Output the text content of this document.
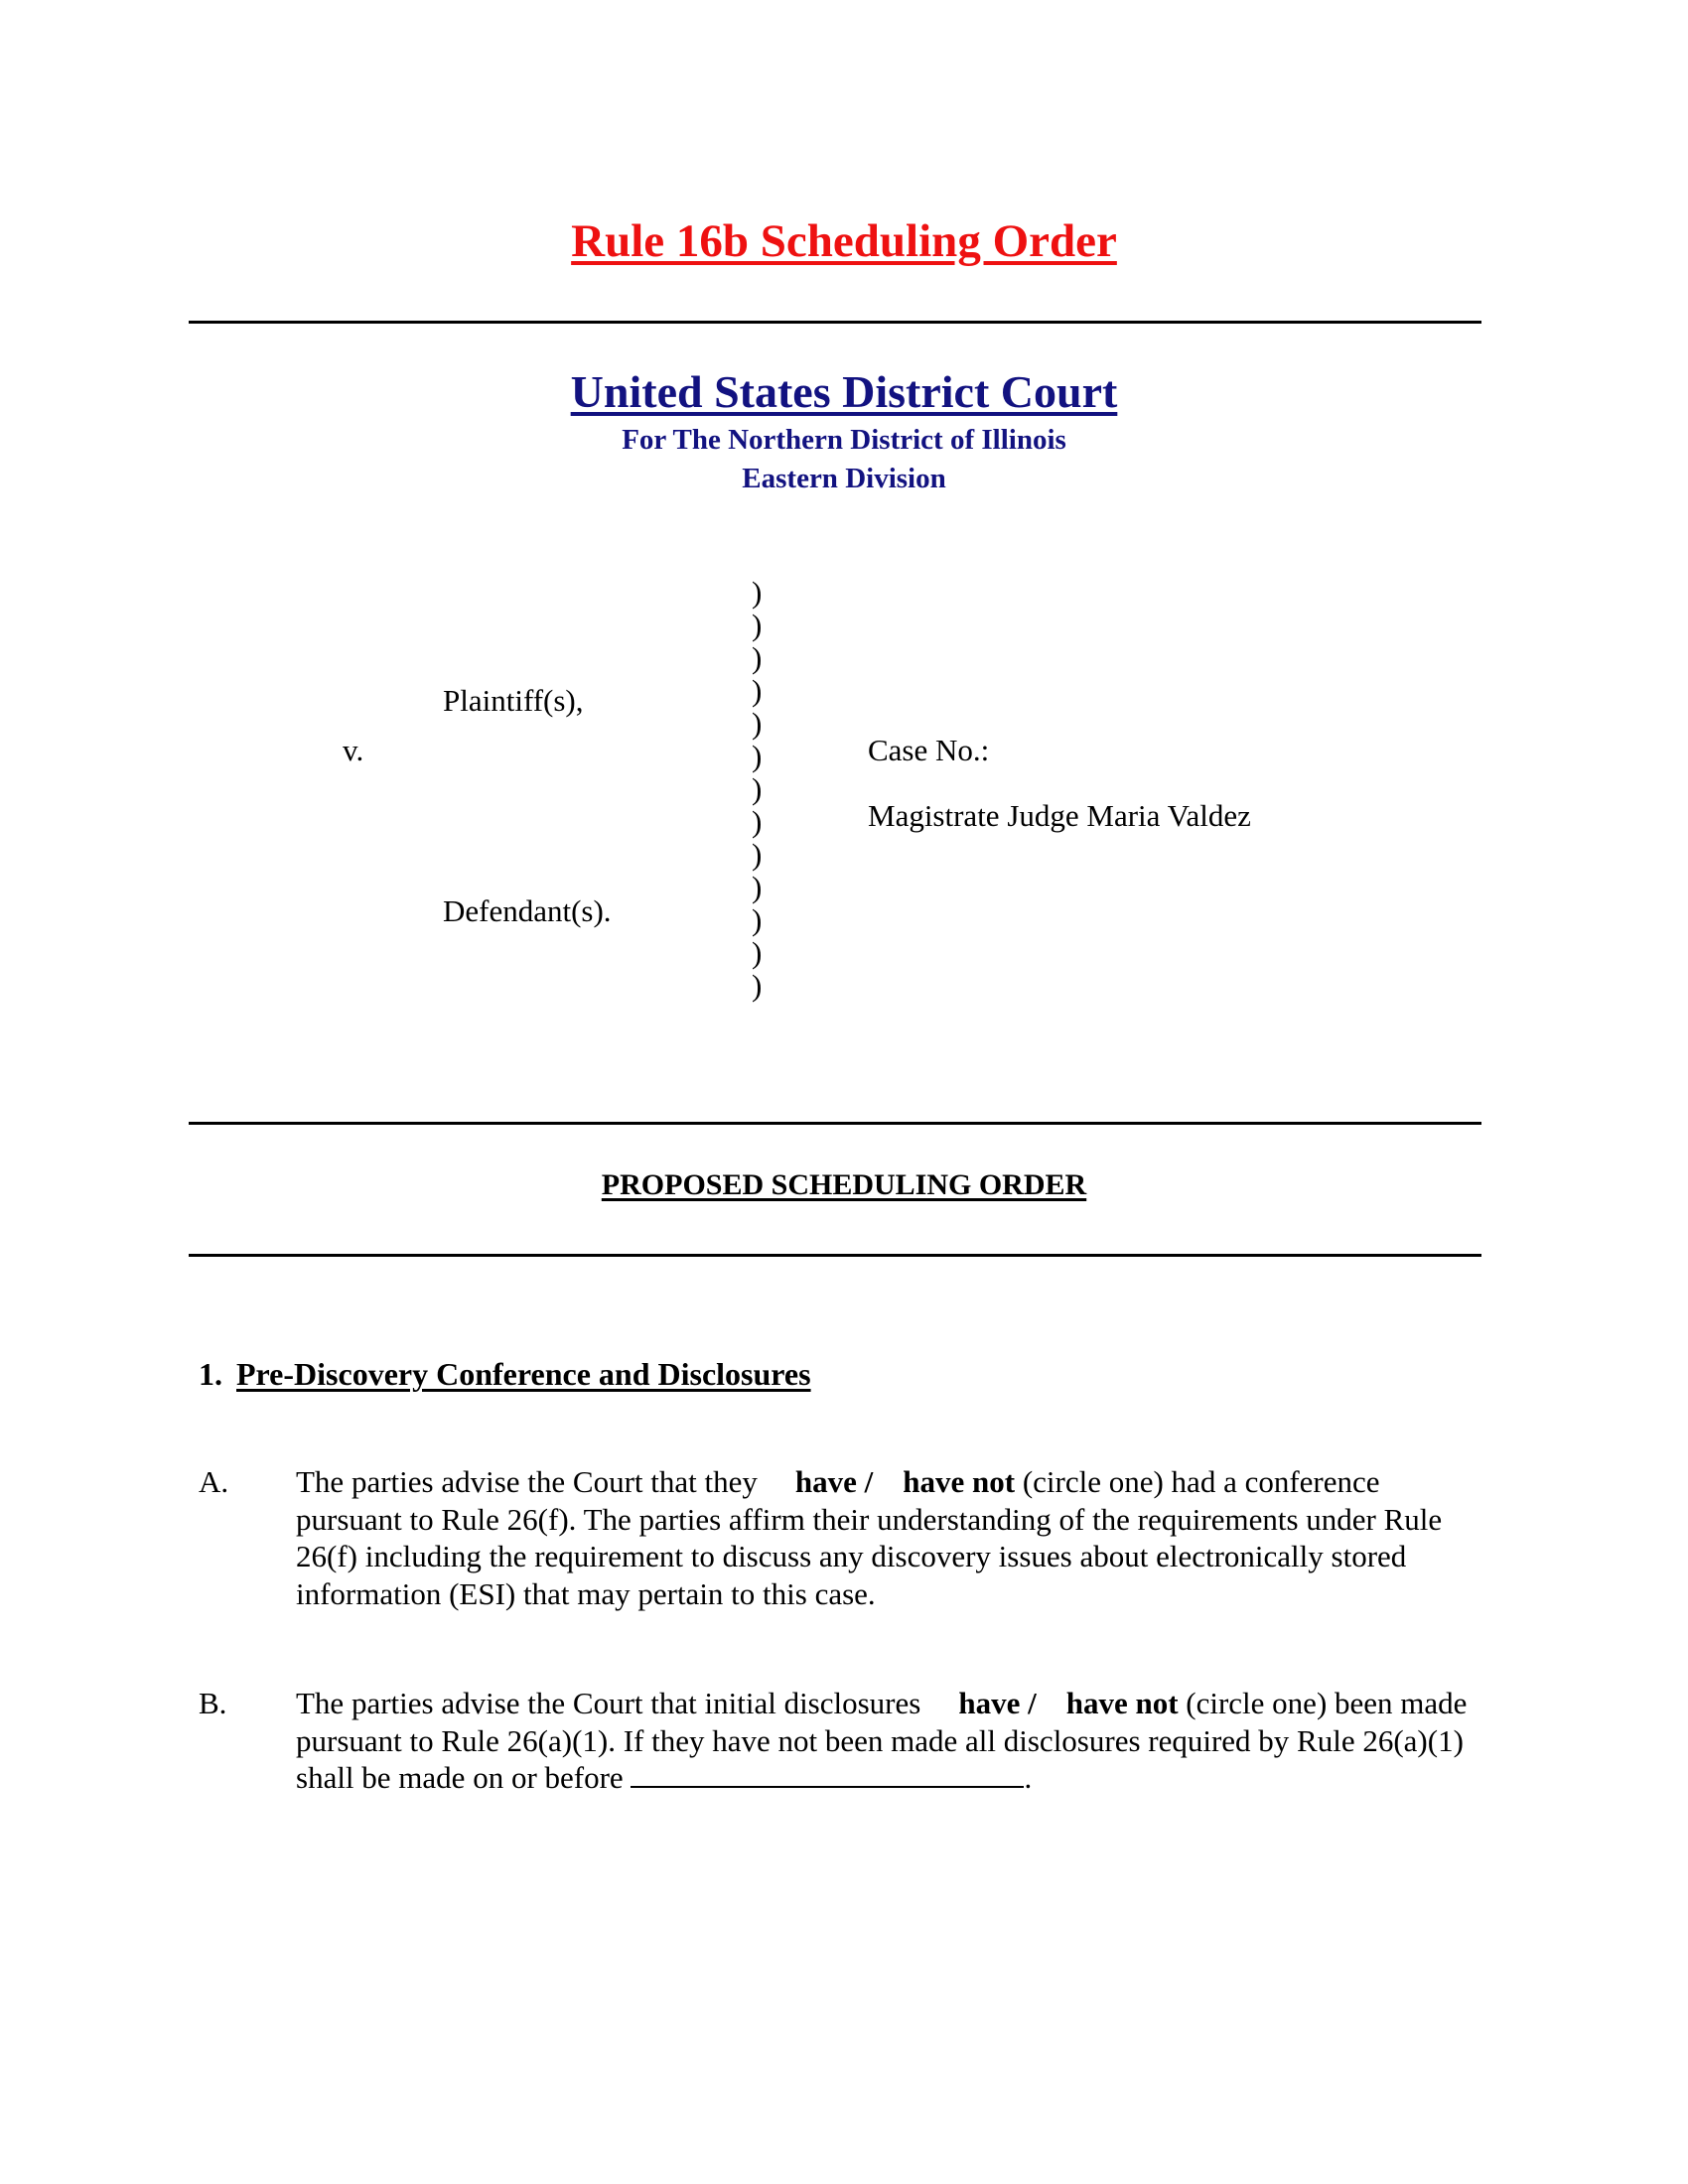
Rule 16b Scheduling Order
United States District Court
For The Northern District of Illinois
Eastern Division
Plaintiff(s),
v.
Defendant(s).
)
)
)
)
)
)
)
)
)
)
)
)
)
Case No.:
Magistrate Judge Maria Valdez
PROPOSED SCHEDULING ORDER
1. Pre-Discovery Conference and Disclosures
A. The parties advise the Court that they have / have not (circle one) had a conference pursuant to Rule 26(f). The parties affirm their understanding of the requirements under Rule 26(f) including the requirement to discuss any discovery issues about electronically stored information (ESI) that may pertain to this case.
B. The parties advise the Court that initial disclosures have / have not (circle one) been made pursuant to Rule 26(a)(1). If they have not been made all disclosures required by Rule 26(a)(1) shall be made on or before	.
